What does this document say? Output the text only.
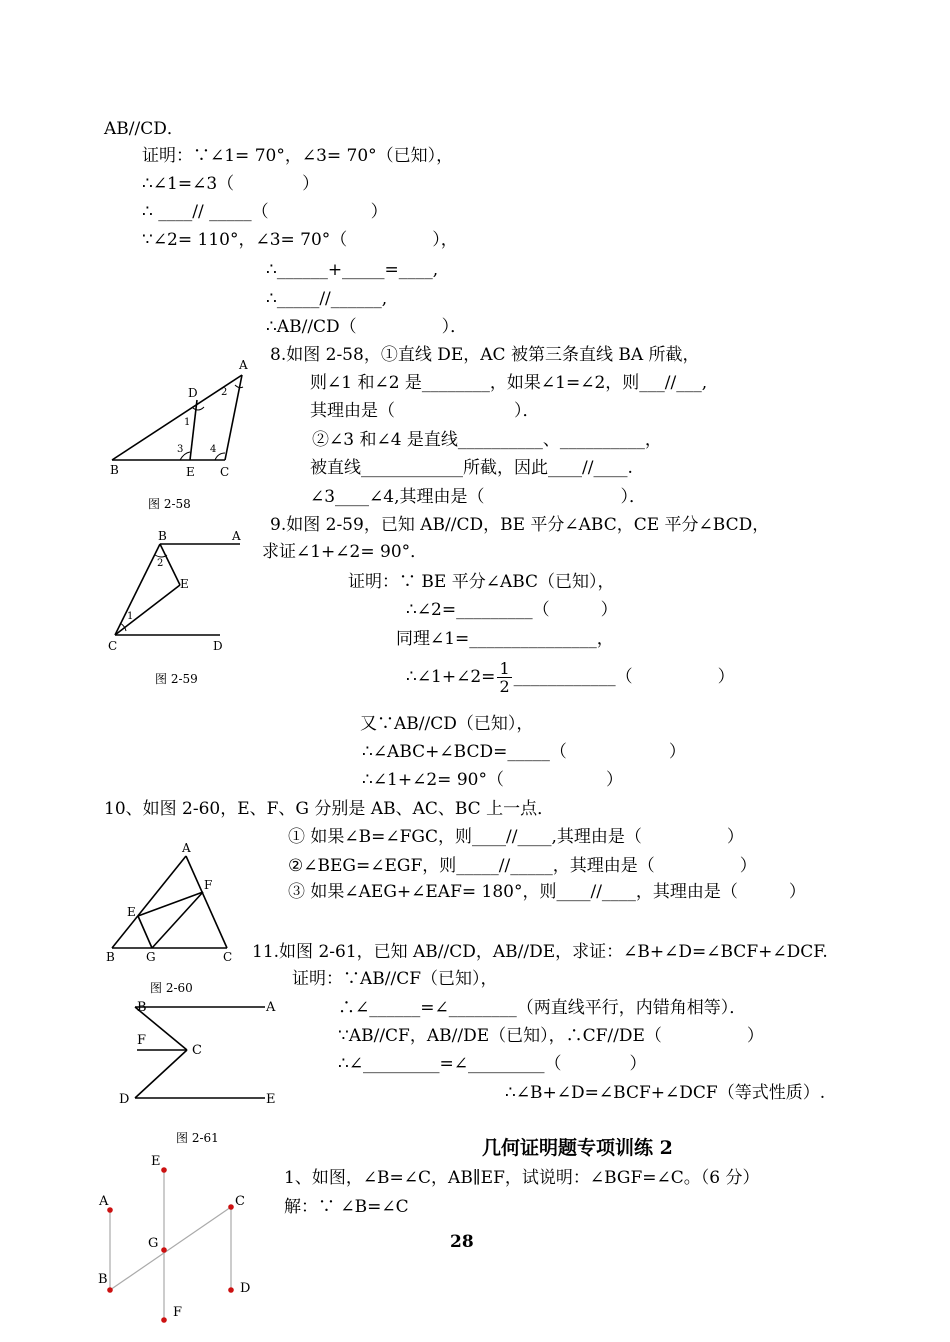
AB//CD．
证明：∵∠1= 70°，∠3= 70°（已知），
∴∠1=∠3（　　　　）
∴ ____// _____（　　　　　　）
∵∠2= 110°，∠3= 70°（　　　　　），
∴______+_____=____,
∴_____//______,
∴AB//CD（　　　　　）．
8.如图 2-58，①直线 DE，AC 被第三条直线 BA 所截，
则∠1 和∠2 是________，如果∠1=∠2，则___//___,
其理由是（　　　　　　　）．
②∠3 和∠4 是直线__________、__________，
被直线____________所截，因此____//____.
∠3____∠4,其理由是（　　　　　　　　）．
9.如图 2-59，已知 AB//CD，BE 平分∠ABC，CE 平分∠BCD，
求证∠1+∠2= 90°．
证明：∵ BE 平分∠ABC（已知），
∴∠2=_________（　　　）
同理∠1=_______________，
∴∠1+∠2= $\frac{1}{2}$ ____________（　　　　　）
又∵AB//CD（已知），
∴∠ABC+∠BCD=_____（　　　　　　）
∴∠1+∠2= 90°（　　　　　　）
10、如图 2-60，E、F、G 分别是 AB、AC、BC 上一点．
① 如果∠B=∠FGC，则____//____,其理由是（　　　　　）
②∠BEG=∠EGF，则_____//_____，其理由是（　　　　　）
③ 如果∠AEG+∠EAF= 180°，则____//____，其理由是（　　　）
11.如图 2-61，已知 AB//CD，AB//DE，求证：∠B+∠D=∠BCF+∠DCF.
证明：∵AB//CF（已知），
∴∠______=∠________（两直线平行，内错角相等）．
∵AB//CF，AB//DE（已知），∴CF//DE（　　　　　）
∴∠_________=∠_________（　　　　）
∴∠B+∠D=∠BCF+∠DCF（等式性质）.
几何证明题专项训练 2
1、如图，∠B=∠C，AB∥EF，试说明：∠BGF=∠C。（6 分）
解：∵ ∠B=∠C
28
A
D 2
1
3	4
B	E C
图 2-58
B	A
2
E
1
C	D
图 2-59
A
F
E
B	G	C
图 2-60
B	A
F
C
D	E
图 2-61
E
A	C
G
B
D
F
